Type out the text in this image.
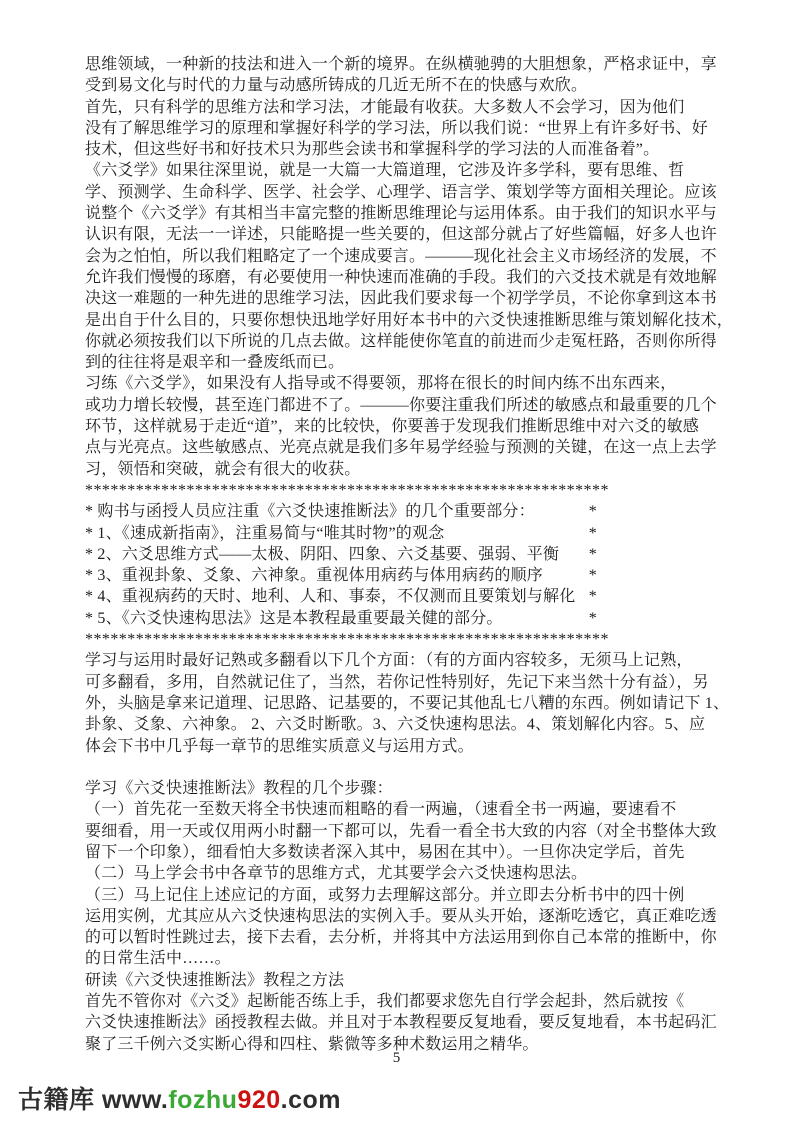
思维领域，一种新的技法和进入一个新的境界。在纵横驰骋的大胆想象，严格求证中，享
受到易文化与时代的力量与动感所铸成的几近无所不在的快感与欢欣。
首先，只有科学的思维方法和学习法，才能最有收获。大多数人不会学习，因为他们
没有了解思维学习的原理和掌握好科学的学习法，所以我们说：“世界上有许多好书、好
技术，但这些好书和好技术只为那些会读书和掌握科学的学习法的人而准备着”。
《六爻学》如果往深里说，就是一大篇一大篇道理，它涉及许多学科，要有思维、哲
学、预测学、生命科学、医学、社会学、心理学、语言学、策划学等方面相关理论。应该
说整个《六爻学》有其相当丰富完整的推断思维理论与运用体系。由于我们的知识水平与
认识有限，无法一一详述，只能略提一些关要的，但这部分就占了好些篇幅，好多人也许
会为之怕怕，所以我们粗略定了一个速成要言。―――现化社会主义市场经济的发展，不
允许我们慢慢的琢磨，有必要使用一种快速而准确的手段。我们的六爻技术就是有效地解
决这一难题的一种先进的思维学习法，因此我们要求每一个初学学员，不论你拿到这本书
是出自于什么目的，只要你想快迅地学好用好本书中的六爻快速推断思维与策划解化技术，
你就必须按我们以下所说的几点去做。这样能使你笔直的前进而少走冤枉路，否则你所得
到的往往将是艰辛和一叠废纸而已。
习练《六爻学》，如果没有人指导或不得要领，那将在很长的时间内练不出东西来，
或功力增长较慢，甚至连门都进不了。―――你要注重我们所述的敏感点和最重要的几个
环节，这样就易于走近“道”，来的比较快，你要善于发现我们推断思维中对六爻的敏感
点与光亮点。这些敏感点、光亮点就是我们多年易学经验与预测的关键，在这一点上去学
习，领悟和突破，就会有很大的收获。
**************************************************************
* 购书与函授人员应注重《六爻快速推断法》的几个重要部分：	*
* 1、《速成新指南》，注重易简与“唯其时物”的观念	*
* 2、六爻思维方式――太极、阴阳、四象、六爻基要、强弱、平衡 *
* 3、重视卦象、爻象、六神象。重视体用病药与体用病药的顺序	*
* 4、重视病药的天时、地利、人和、事泰，不仅测而且要策划与解化 *
* 5、《六爻快速构思法》这是本教程最重要最关健的部分。	*
**************************************************************
学习与运用时最好记熟或多翻看以下几个方面：（有的方面内容较多，无须马上记熟，
可多翻看，多用，自然就记住了，当然，若你记性特别好，先记下来当然十分有益），另
外，头脑是拿来记道理、记思路、记基要的，不要记其他乱七八糟的东西。例如请记下 1、
卦象、爻象、六神象。 2、六爻时断歌。3、六爻快速构思法。4、策划解化内容。5、应
体会下书中几乎每一章节的思维实质意义与运用方式。
学习《六爻快速推断法》教程的几个步骤：
（一）首先花一至数天将全书快速而粗略的看一两遍，（速看全书一两遍，要速看不
要细看，用一天或仅用两小时翻一下都可以，先看一看全书大致的内容（对全书整体大致
留下一个印象），细看怕大多数读者深入其中，易困在其中）。一旦你决定学后，首先
（二）马上学会书中各章节的思维方式，尤其要学会六爻快速构思法。
（三）马上记住上述应记的方面，或努力去理解这部分。并立即去分析书中的四十例
运用实例，尤其应从六爻快速构思法的实例入手。要从头开始，逐渐吃透它，真正难吃透
的可以暂时性跳过去，接下去看，去分析，并将其中方法运用到你自己本常的推断中，你
的日常生活中……。
研读《六爻快速推断法》教程之方法
首先不管你对《六爻》起断能否练上手，我们都要求您先自行学会起卦，然后就按《
六爻快速推断法》函授教程去做。并且对于本教程要反复地看，要反复地看，本书起码汇
聚了三千例六爻实断心得和四柱、紫微等多种术数运用之精华。
5
古籍库 www.fozhu920.com
